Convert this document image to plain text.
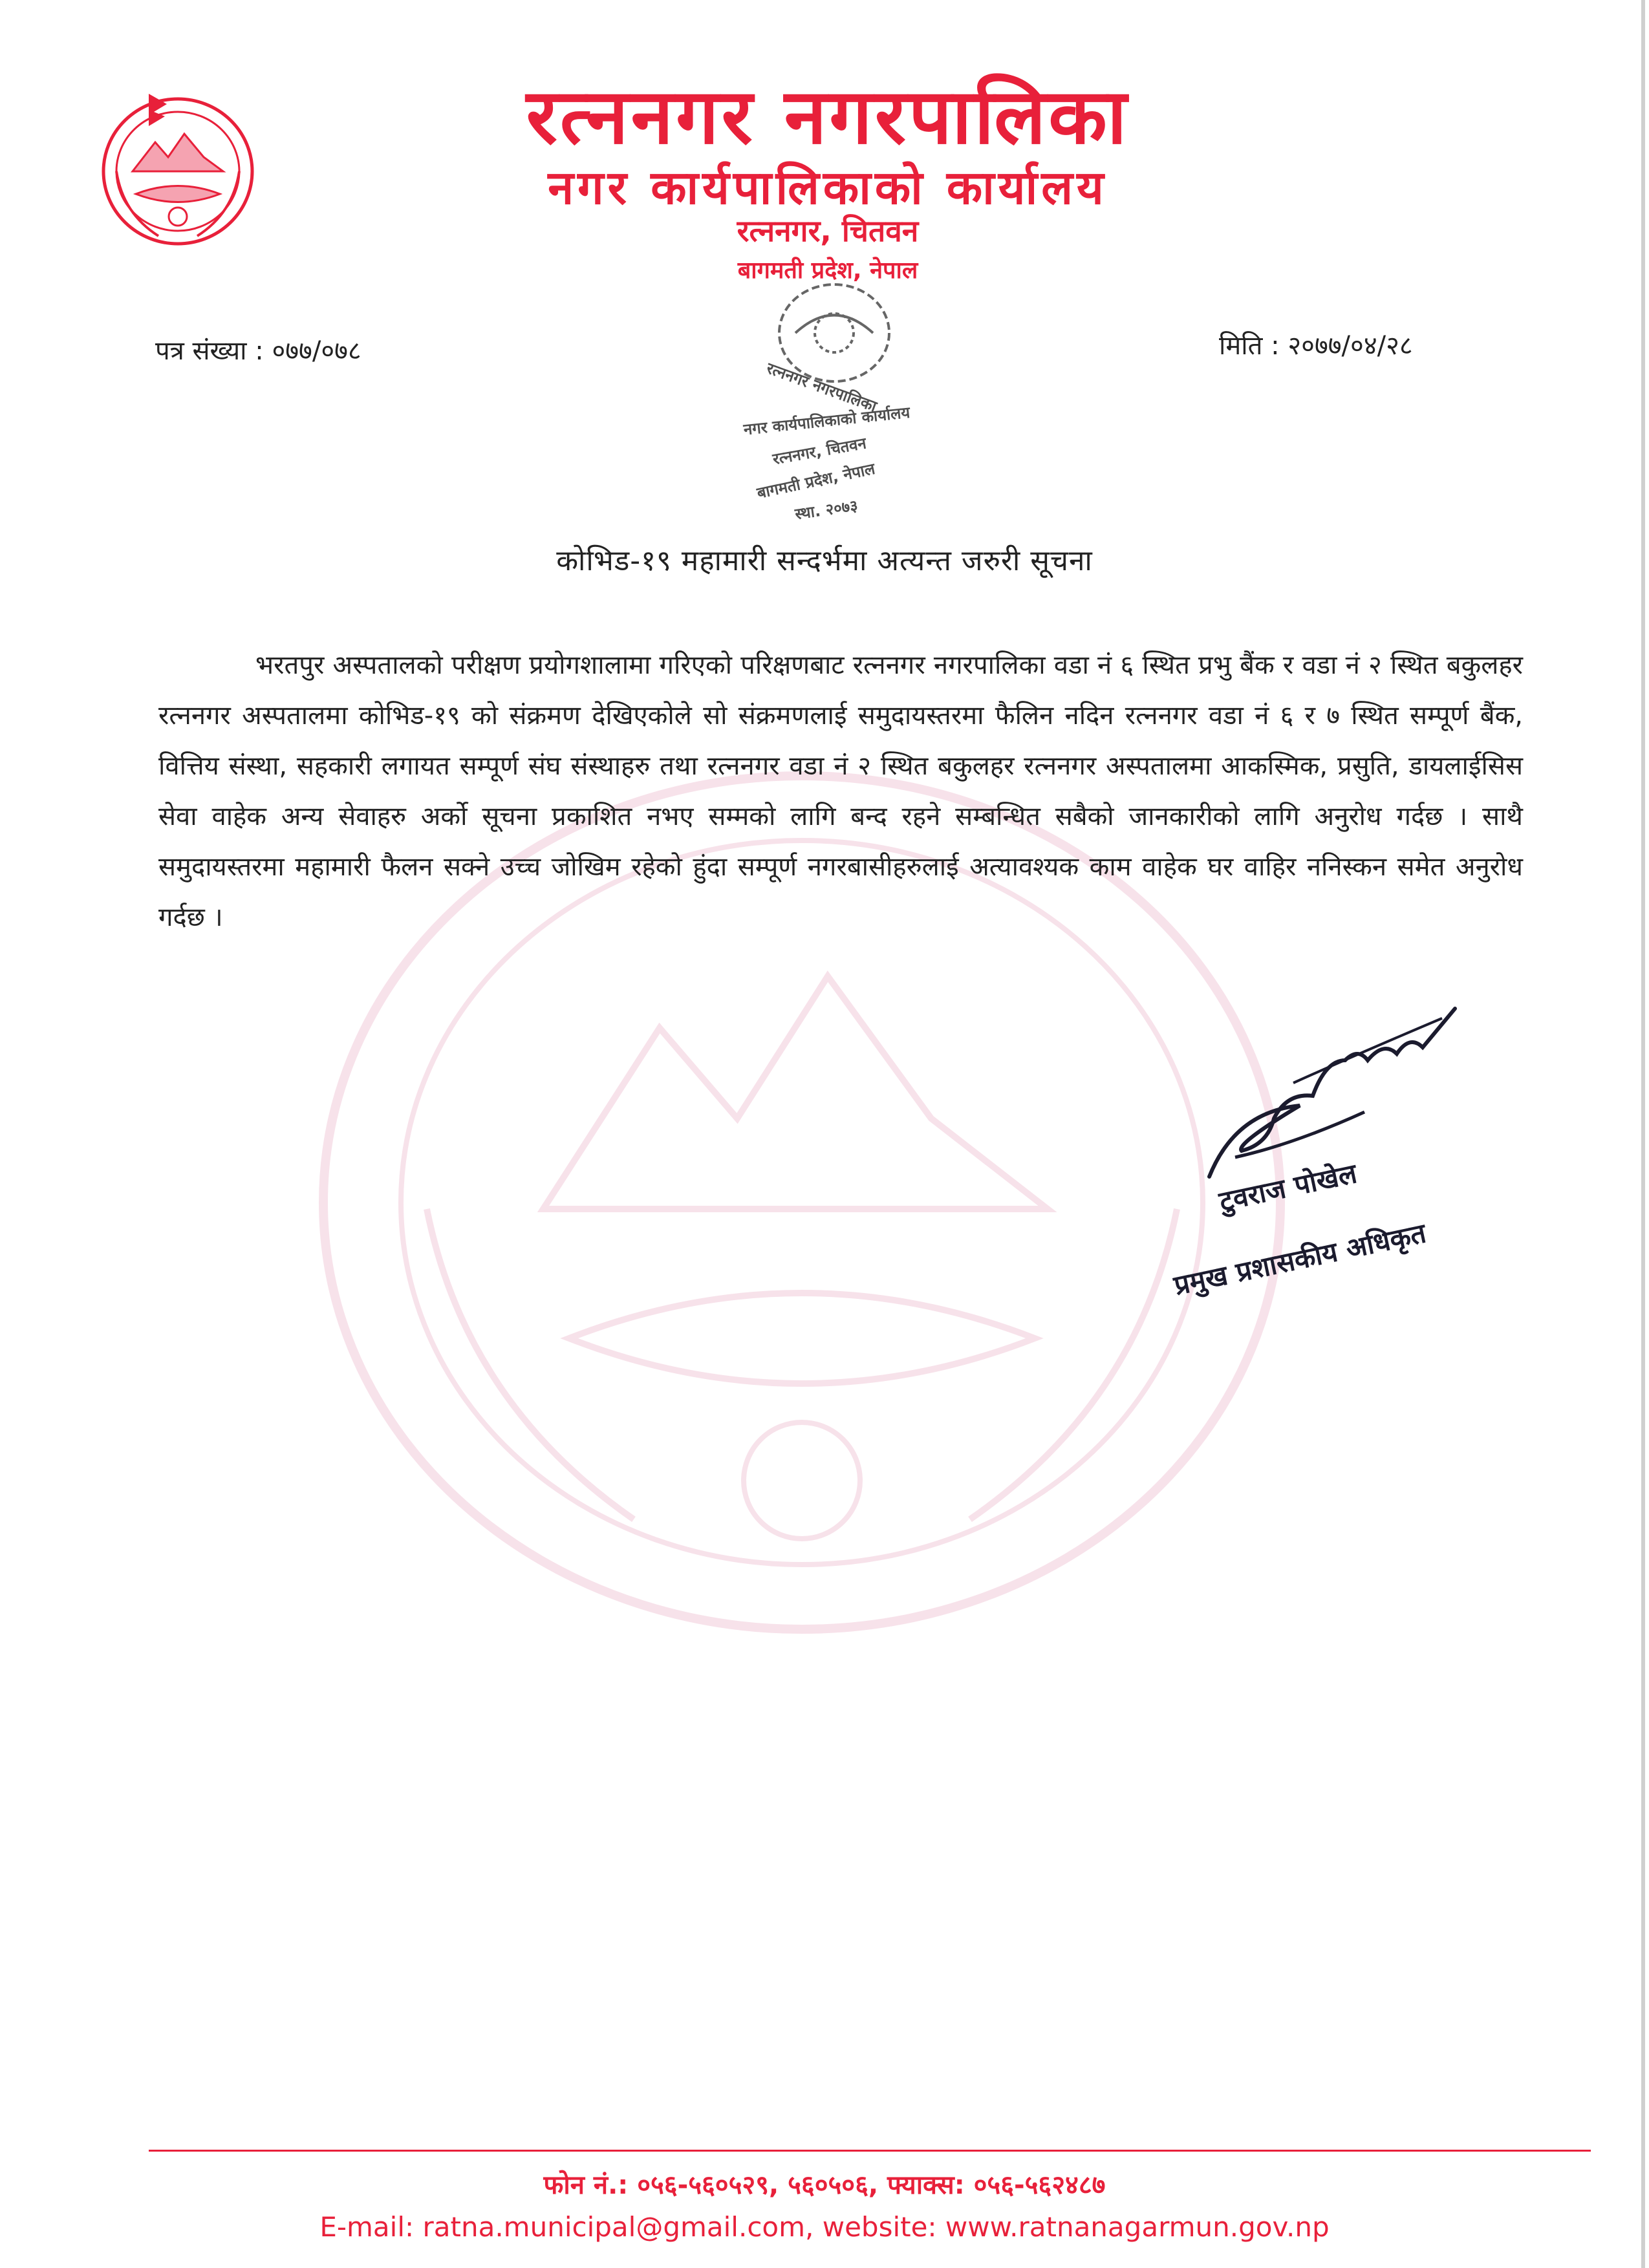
रत्ननगर नगरपालिका
नगर कार्यपालिकाको कार्यालय
रत्ननगर, चितवन
बागमती प्रदेश, नेपाल
पत्र संख्या : ०७७/०७८	मिति : २०७७/०४/२८
रत्ननगर नगरपालिका
नगर कार्यपालिकाको कार्यालय
रत्ननगर, चितवन
बागमती प्रदेश, नेपाल
स्था. २०७३
कोभिड-१९ महामारी सन्दर्भमा अत्यन्त जरुरी सूचना
भरतपुर अस्पतालको परीक्षण प्रयोगशालामा गरिएको परिक्षणबाट रत्ननगर नगरपालिका वडा नं ६ स्थित प्रभु बैंक र वडा नं २ स्थित बकुलहर रत्ननगर अस्पतालमा कोभिड-१९ को संक्रमण देखिएकोले सो संक्रमणलाई समुदायस्तरमा फैलिन नदिन रत्ननगर वडा नं ६ र ७ स्थित सम्पूर्ण बैंक, वित्तिय संस्था, सहकारी लगायत सम्पूर्ण संघ संस्थाहरु तथा रत्ननगर वडा नं २ स्थित बकुलहर रत्ननगर अस्पतालमा आकस्मिक, प्रसुति, डायलाईसिस सेवा वाहेक अन्य सेवाहरु अर्को सूचना प्रकाशित नभए सम्मको लागि बन्द रहने सम्बन्धित सबैको जानकारीको लागि अनुरोध गर्दछ । साथै समुदायस्तरमा महामारी फैलन सक्ने उच्च जोखिम रहेको हुंदा सम्पूर्ण नगरबासीहरुलाई अत्यावश्यक काम वाहेक घर वाहिर ननिस्कन समेत अनुरोध गर्दछ ।
टुवराज पोखेल
प्रमुख प्रशासकीय अधिकृत
फोन नं.: ०५६-५६०५२९, ५६०५०६, फ्याक्स: ०५६-५६२४८७
E-mail: ratna.municipal@gmail.com, website: www.ratnanagarmun.gov.np
